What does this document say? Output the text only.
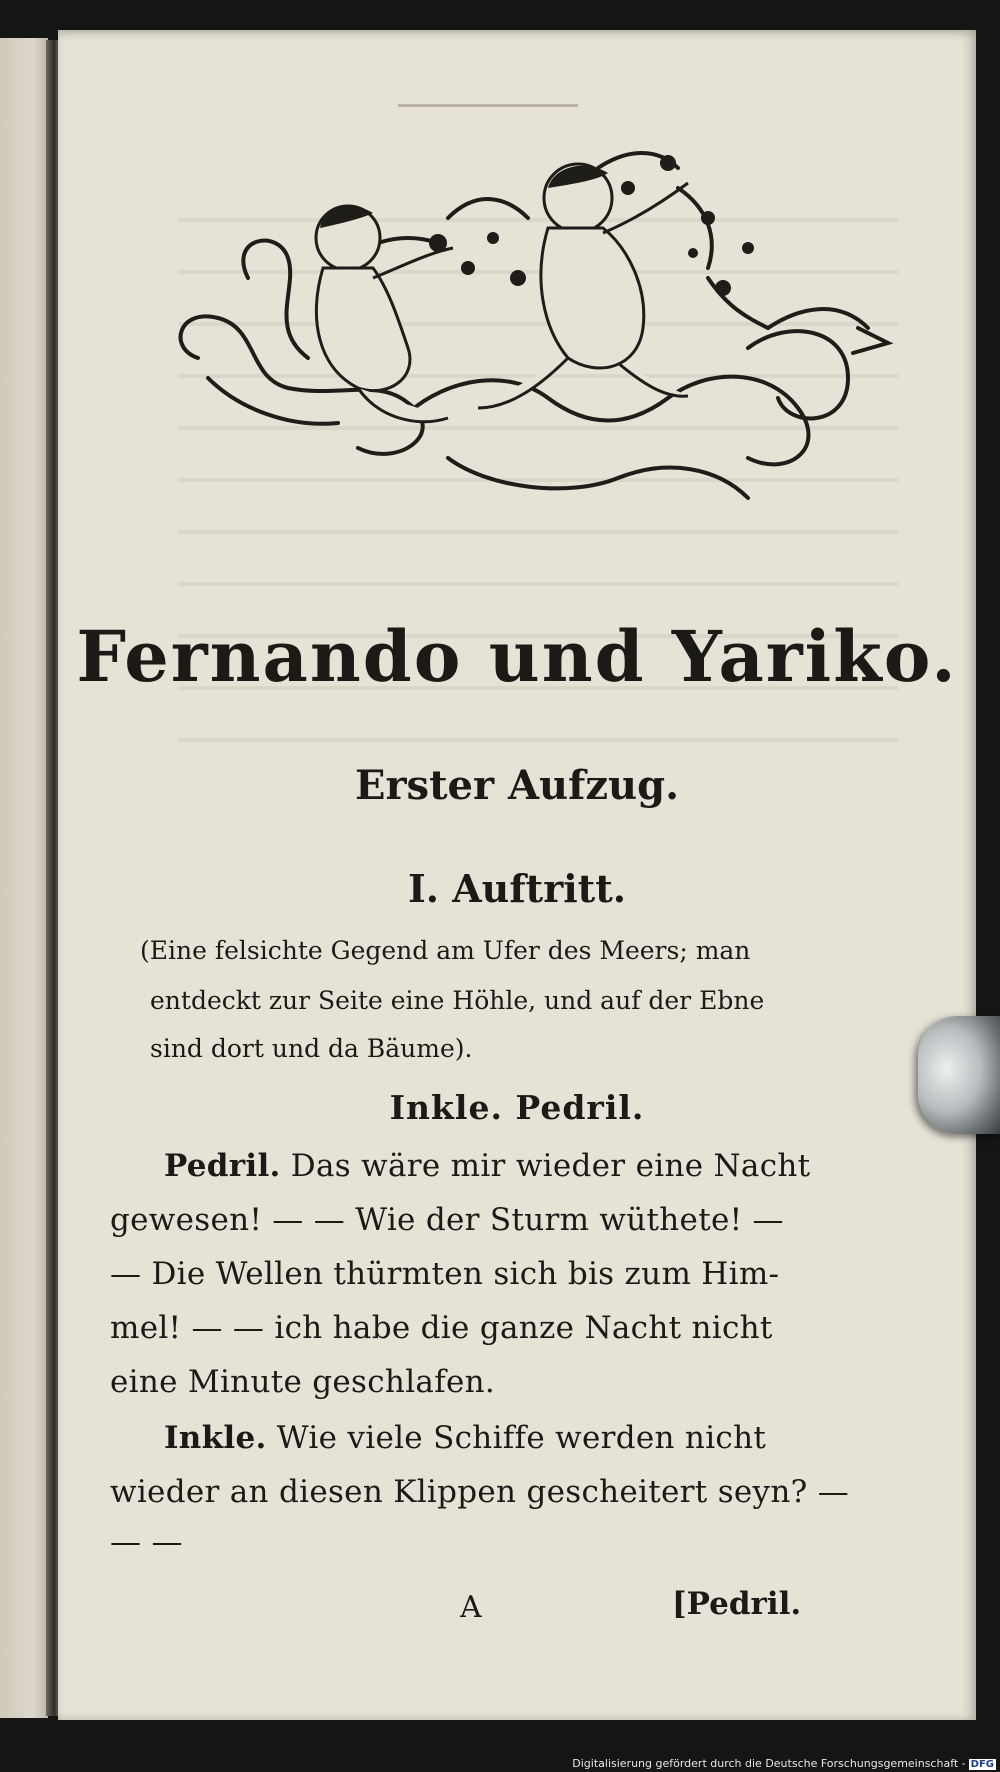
Fernando und Yariko.
Erster Aufzug.
I. Auftritt.
(Eine felsichte Gegend am Ufer des Meers; man
entdeckt zur Seite eine Höhle, und auf der Ebne
sind dort und da Bäume).
Inkle. Pedril.
Pedril. Das wäre mir wieder eine Nacht
gewesen! — — Wie der Sturm wüthete! —
— Die Wellen thürmten sich bis zum Him-
mel! — — ich habe die ganze Nacht nicht
eine Minute geschlafen.
Inkle. Wie viele Schiffe werden nicht
wieder an diesen Klippen gescheitert seyn? —
— —
A	[Pedril.
Digitalisierung gefördert durch die Deutsche Forschungsgemeinschaft - DFG
